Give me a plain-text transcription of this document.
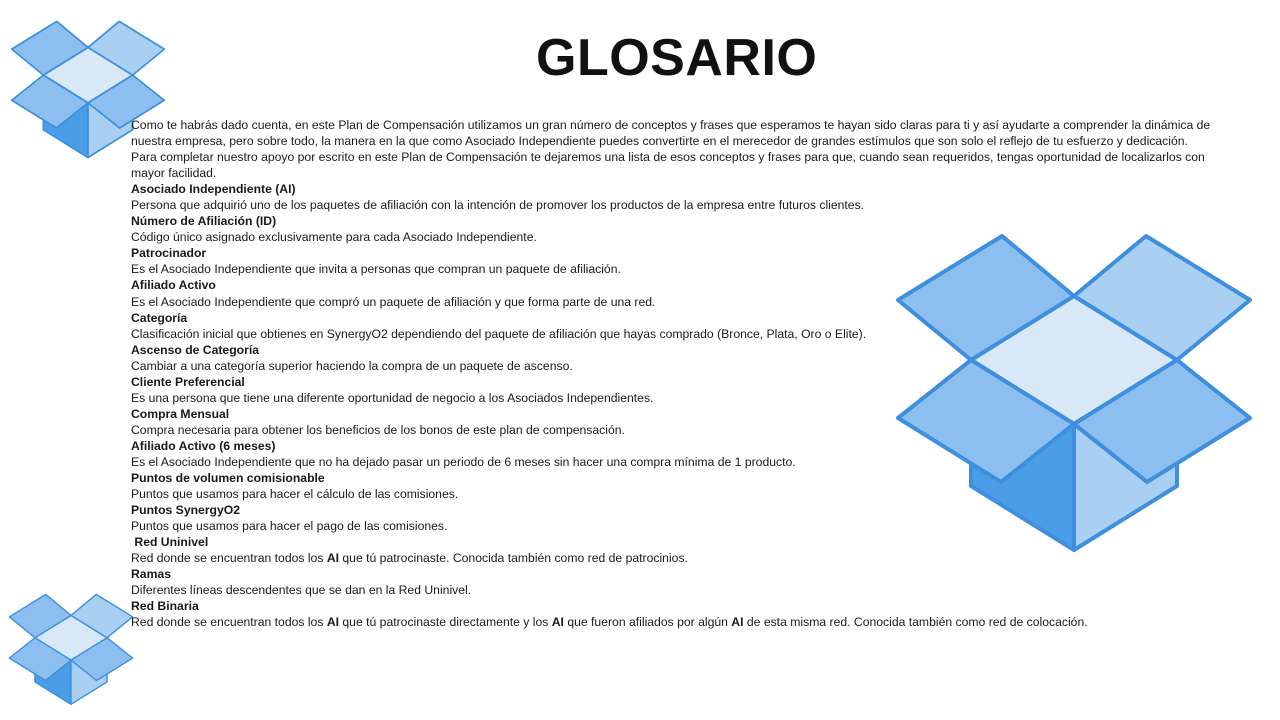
GLOSARIO

Como te habrás dado cuenta, en este Plan de Compensación utilizamos un gran número de conceptos y frases que esperamos te hayan sido claras para ti y así ayudarte a comprender la dinámica de nuestra empresa, pero sobre todo, la manera en la que como Asociado Independiente puedes convertirte en el merecedor de grandes estímulos que son solo el reflejo de tu esfuerzo y dedicación.

Para completar nuestro apoyo por escrito en este Plan de Compensación te dejaremos una lista de esos conceptos y frases para que, cuando sean requeridos, tengas oportunidad de localizarlos con mayor facilidad.

Asociado Independiente (AI)

Persona que adquirió uno de los paquetes de afiliación con la intención de promover los productos de la empresa entre futuros clientes.

Número de Afiliación (ID)

Código único asignado exclusivamente para cada Asociado Independiente.

Patrocinador

Es el Asociado Independiente que invita a personas que compran un paquete de afiliación.

Afiliado Activo

Es el Asociado Independiente que compró un paquete de afiliación y que forma parte de una red.

Categoría

Clasificación inicial que obtienes en SynergyO2 dependiendo del paquete de afiliación que hayas comprado (Bronce, Plata, Oro o Elite).

Ascenso de Categoría

Cambiar a una categoría superior haciendo la compra de un paquete de ascenso.

Cliente Preferencial

Es una persona que tiene una diferente oportunidad de negocio a los Asociados Independientes.

Compra Mensual

Compra necesaria para obtener los beneficios de los bonos de este plan de compensación.

Afiliado Activo (6 meses)

Es el Asociado Independiente que no ha dejado pasar un periodo de 6 meses sin hacer una compra mínima de 1 producto.

Puntos de volumen comisionable

Puntos que usamos para hacer el cálculo de las comisiones.

Puntos SynergyO2

Puntos que usamos para hacer el pago de las comisiones.

Red Uninivel

Red donde se encuentran todos los AI que tú patrocinaste. Conocida también como red de patrocinios.

Ramas

Diferentes líneas descendentes que se dan en la Red Uninivel.

Red Binaria

Red donde se encuentran todos los AI que tú patrocinaste directamente y los AI que fueron afiliados por algún AI de esta misma red. Conocida también como red de colocación.
